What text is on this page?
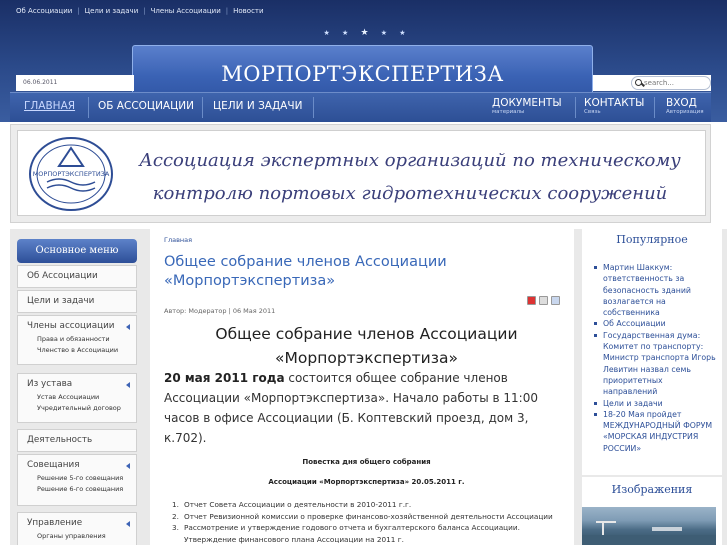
Об Ассоциации | Цели и задачи | Члены Ассоциации | Новости
★ ★ ★ ★ ★
МОРПОРТЭКСПЕРТИЗА
06.06.2011
search...
ГЛАВНАЯ ОБ АССОЦИАЦИИ ЦЕЛИ И ЗАДАЧИ	ДОКУМЕНТЫ
материалы
КОНТАКТЫ
Связь
ВХОД
Авторизация
МОРПОРТЭКСПЕРТИЗА
Ассоциация экспертных организаций по техническому
контролю портовых гидротехнических сооружений
Основное меню
Об Ассоциации
Цели и задачи
Члены ассоциации
Права и обязанности
Членство в Ассоциации
Из устава
Устав Ассоциации
Учредительный договор
Деятельность
Совещания
Решение 5-го совещания
Решение 6-го совещания
Управление
Органы управления
Главная
Общее собрание членов Ассоциации «Морпортэкспертиза»
Автор: Модератор | 06 Мая 2011
Общее собрание членов Ассоциации
«Морпортэкспертиза»
20 мая 2011 года состоится общее собрание членов Ассоциации «Морпортэкспертиза». Начало работы в 11:00 часов в офисе Ассоциации (Б. Коптевский проезд, дом 3, к.702).
Повестка дня общего собрания
Ассоциации «Морпортэкспертиза» 20.05.2011 г.
1. Отчет Совета Ассоциации о деятельности в 2010-2011 г.г.
2. Отчет Ревизионной комиссии о проверке финансово-хозяйственной деятельности Ассоциации
3. Рассмотрение и утверждение годового отчета и бухгалтерского баланса Ассоциации.
Утверждение финансового плана Ассоциации на 2011 г.
Популярное
Мартин Шаккум: ответственность за безопасность зданий возлагается на собственника
Об Ассоциации
Государственная дума: Комитет по транспорту: Министр транспорта Игорь Левитин назвал семь приоритетных направлений
Цели и задачи
18-20 Мая пройдет МЕЖДУНАРОДНЫЙ ФОРУМ «МОРСКАЯ ИНДУСТРИЯ РОССИИ»
Изображения
